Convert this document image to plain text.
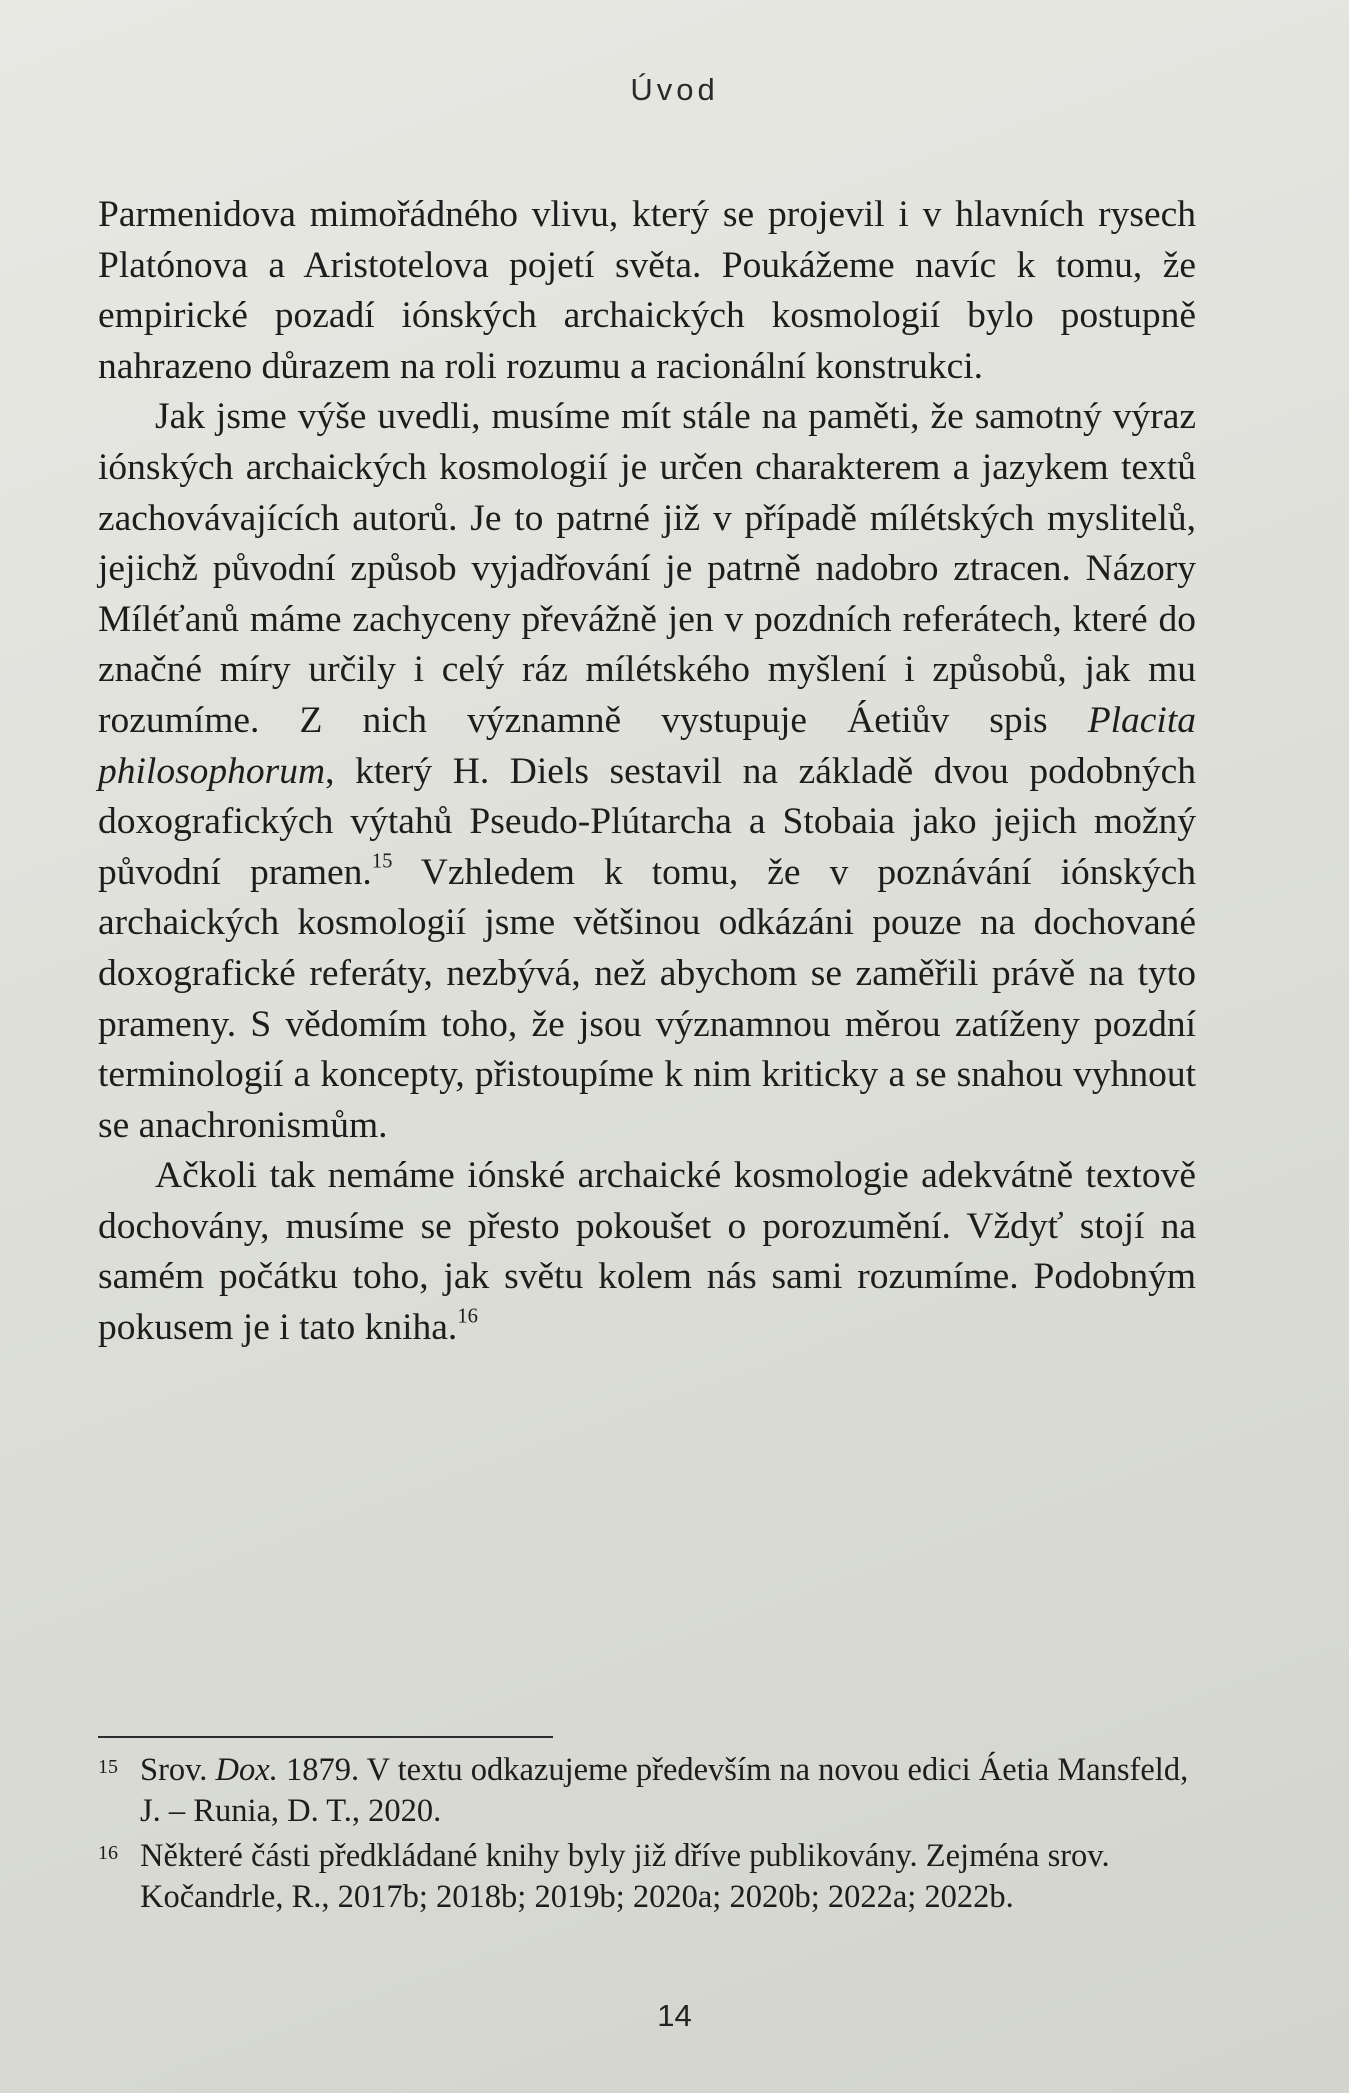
Úvod

Parmenidova mimořádného vlivu, který se projevil i v hlavních rysech Platónova a Aristotelova pojetí světa. Poukážeme navíc k tomu, že empirické pozadí iónských archaických kosmologií bylo postupně nahrazeno důrazem na roli rozumu a racionální konstrukci.

Jak jsme výše uvedli, musíme mít stále na paměti, že samotný výraz iónských archaických kosmologií je určen charakterem a jazykem textů zachovávajících autorů. Je to patrné již v případě mílétských myslitelů, jejichž původní způsob vyjadřování je patrně nadobro ztracen. Názory Míléťanů máme zachyceny převážně jen v pozdních referátech, které do značné míry určily i celý ráz mílétského myšlení i způsobů, jak mu rozumíme. Z nich významně vystupuje Áetiův spis Placita philosophorum, který H. Diels sestavil na základě dvou podobných doxografických výtahů Pseudo-Plútarcha a Stobaia jako jejich možný původní pramen.$^{15}$ Vzhledem k tomu, že v poznávání iónských archaických kosmologií jsme většinou odkázáni pouze na dochované doxografické referáty, nezbývá, než abychom se zaměřili právě na tyto prameny. S vědomím toho, že jsou významnou měrou zatíženy pozdní terminologií a koncepty, přistoupíme k nim kriticky a se snahou vyhnout se anachronismům.

Ačkoli tak nemáme iónské archaické kosmologie adekvátně textově dochovány, musíme se přesto pokoušet o porozumění. Vždyť stojí na samém počátku toho, jak světu kolem nás sami rozumíme. Podobným pokusem je i tato kniha.$^{16}$

15 Srov. Dox. 1879. V textu odkazujeme především na novou edici Áetia Mansfeld, J. – Runia, D. T., 2020.
16 Některé části předkládané knihy byly již dříve publikovány. Zejména srov. Kočandrle, R., 2017b; 2018b; 2019b; 2020a; 2020b; 2022a; 2022b.
14
